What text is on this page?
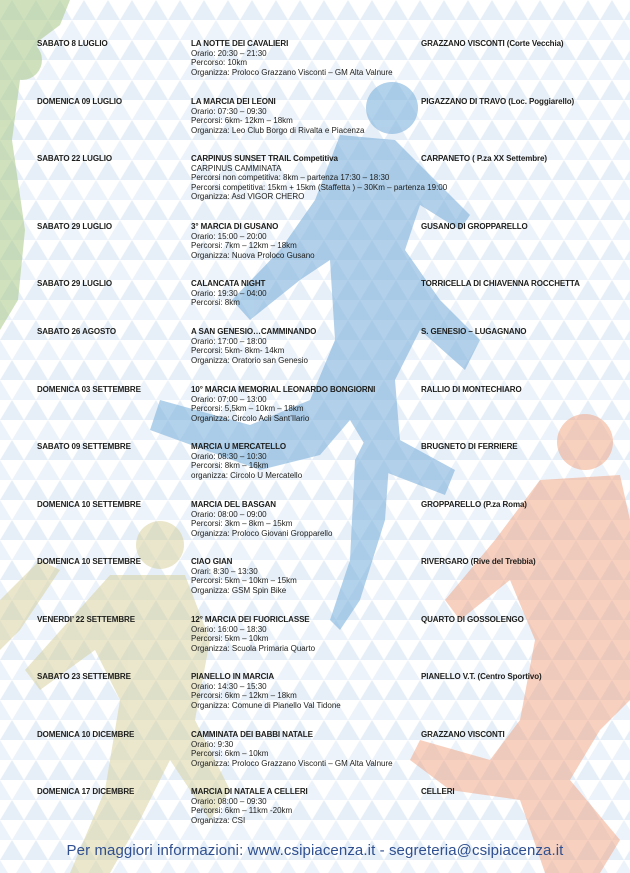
SABATO 8 LUGLIO	LA NOTTE DEI CAVALIERI
Orario: 20:30 – 21:30
Percorso: 10km
Organizza: Proloco Grazzano Visconti – GM Alta Valnure
GRAZZANO VISCONTI (Corte Vecchia)
DOMENICA 09 LUGLIO	LA MARCIA DEI LEONI
Orario: 07:30 – 09:30
Percorsi: 6km- 12km – 18km
Organizza: Leo Club Borgo di Rivalta e Piacenza
PIGAZZANO DI TRAVO (Loc. Poggiarello)
SABATO 22 LUGLIO	CARPINUS SUNSET TRAIL Competitiva
CARPINUS CAMMINATA
Percorsi non competitiva: 8km – partenza 17:30 – 18:30
Percorsi competitiva: 15km + 15km (Staffetta ) – 30Km – partenza 19:00
Organizza: Asd VIGOR CHERO
CARPANETO ( P.za XX Settembre)
SABATO 29 LUGLIO	3° MARCIA DI GUSANO
Orario: 15:00 – 20:00
Percorsi: 7km – 12km – 18km
Organizza: Nuova Proloco Gusano
GUSANO DI GROPPARELLO
SABATO 29 LUGLIO	CALANCATA NIGHT
Orario: 19:30 – 04:00
Percorsi: 8km
TORRICELLA DI CHIAVENNA ROCCHETTA
SABATO 26 AGOSTO	A SAN GENESIO…CAMMINANDO
Orario: 17:00 – 18:00
Percorsi: 5km- 8km- 14km
Organizza: Oratorio san Genesio
S. GENESIO – LUGAGNANO
DOMENICA 03 SETTEMBRE	10° MARCIA MEMORIAL LEONARDO BONGIORNI
Orario: 07:00 – 13:00
Percorsi: 5,5km – 10km – 18km
Organizza: Circolo Acli Sant’Ilario
RALLIO DI MONTECHIARO
SABATO 09 SETTEMBRE	MARCIA U MERCATELLO
Orario: 08:30 – 10:30
Percorsi: 8km – 16km
organizza: Circolo U Mercatello
BRUGNETO DI FERRIERE
DOMENICA 10 SETTEMBRE	MARCIA DEL BASGAN
Orario: 08:00 – 09:00
Percorsi: 3km – 8km – 15km
Organizza: Proloco Giovani Gropparello
GROPPARELLO (P.za Roma)
DOMENICA 10 SETTEMBRE	CIAO GIAN
Orari: 8:30 – 13:30
Percorsi: 5km – 10km – 15km
Organizza: GSM Spin Bike
RIVERGARO (Rive del Trebbia)
VENERDI’ 22 SETTEMBRE	12° MARCIA DEI FUORICLASSE
Orario: 16:00 – 18:30
Percorsi: 5km – 10km
Organizza: Scuola Primaria Quarto
QUARTO DI GOSSOLENGO
SABATO 23 SETTEMBRE	PIANELLO IN MARCIA
Orario: 14:30 – 15:30
Percorsi: 6km – 12km – 18km
Organizza: Comune di Pianello Val Tidone
PIANELLO V.T. (Centro Sportivo)
DOMENICA 10 DICEMBRE	CAMMINATA DEI BABBI NATALE
Orario: 9:30
Percorsi: 6km – 10km
Organizza: Proloco Grazzano Visconti – GM Alta Valnure
GRAZZANO VISCONTI
DOMENICA 17 DICEMBRE	MARCIA DI NATALE A CELLERI
Orario: 08:00 – 09:30
Percorsi: 6km – 11km -20km
Organizza: CSI
CELLERI
Per maggiori informazioni: www.csipiacenza.it - segreteria@csipiacenza.it
